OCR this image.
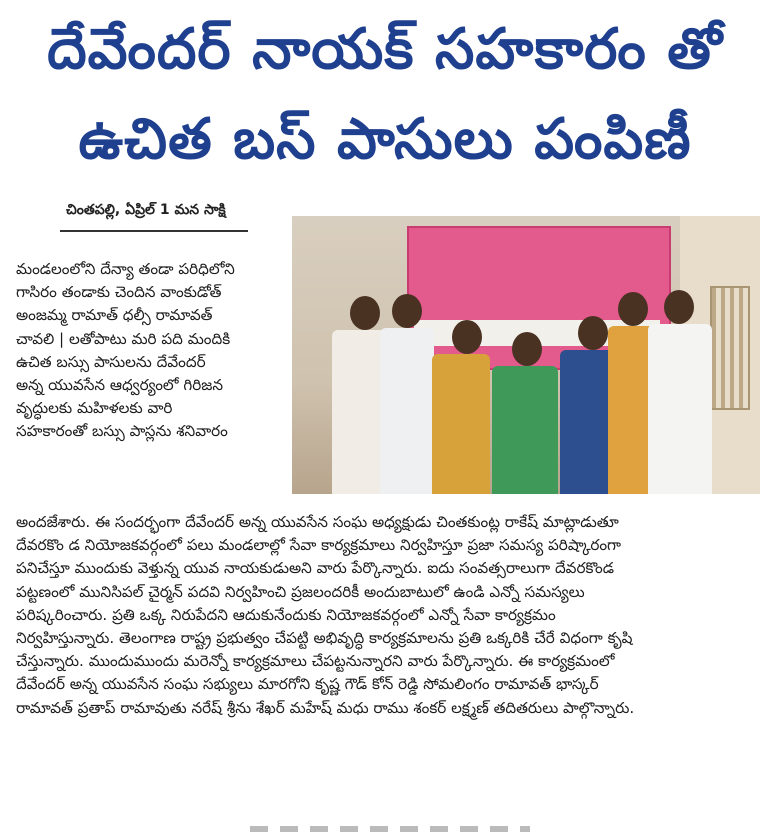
దేవేందర్ నాయక్ సహకారం తో
ఉచిత బస్ పాసులు పంపిణీ
చింతపల్లి, ఏప్రిల్ 1 మన సాక్షి
మండలంలోని దేన్యా తండా పరిధిలోని
గాసిరం తండాకు చెందిన వాంకుడోత్
అంజమ్మ రామాత్ ధల్సీ రామావత్
చావలి | లతోపాటు మరి పది మందికి
ఉచిత బస్సు పాసులను దేవేందర్
అన్న యువసేన ఆధ్వర్యంలో గిరిజన
వృద్ధులకు మహిళలకు వారి
సహకారంతో బస్సు పాస్లను శనివారం
అందజేశారు. ఈ సందర్భంగా దేవేందర్ అన్న యువసేన సంఘ అధ్యక్షుడు చింతకుంట్ల రాకేష్ మాట్లాడుతూ
దేవరకొం డ నియోజకవర్గంలో పలు మండలాల్లో సేవా కార్యక్రమాలు నిర్వహిస్తూ ప్రజా సమస్య పరిష్కారంగా
పనిచేస్తూ ముందుకు వెళ్తున్న యువ నాయకుడుఅని వారు పేర్కొన్నారు. ఐదు సంవత్సరాలుగా దేవరకొండ
పట్టణంలో మునిసిపల్ చైర్మన్ పదవి నిర్వహించి ప్రజలందరికీ అందుబాటులో ఉండి ఎన్నో సమస్యలు
పరిష్కరించారు. ప్రతి ఒక్క నిరుపేదని ఆదుకునేందుకు నియోజకవర్గంలో ఎన్నో సేవా కార్యక్రమం
నిర్వహిస్తున్నారు. తెలంగాణ రాష్ట్ర ప్రభుత్వం చేపట్టి అభివృద్ధి కార్యక్రమాలను ప్రతి ఒక్కరికి చేరే విధంగా కృషి
చేస్తున్నారు. ముందుముందు మరెన్నో కార్యక్రమాలు చేపట్టనున్నారని వారు పేర్కొన్నారు. ఈ కార్యక్రమంలో
దేవేందర్ అన్న యువసేన సంఘ సభ్యులు మారగోని కృష్ణ గౌడ్ కోన్ రెడ్డి సోమలింగం రామావత్ భాస్కర్
రామావత్ ప్రతాప్ రామావుతు నరేష్ శ్రీను శేఖర్ మహేష్ మధు రాము శంకర్ లక్ష్మణ్ తదితరులు పాల్గొన్నారు.
